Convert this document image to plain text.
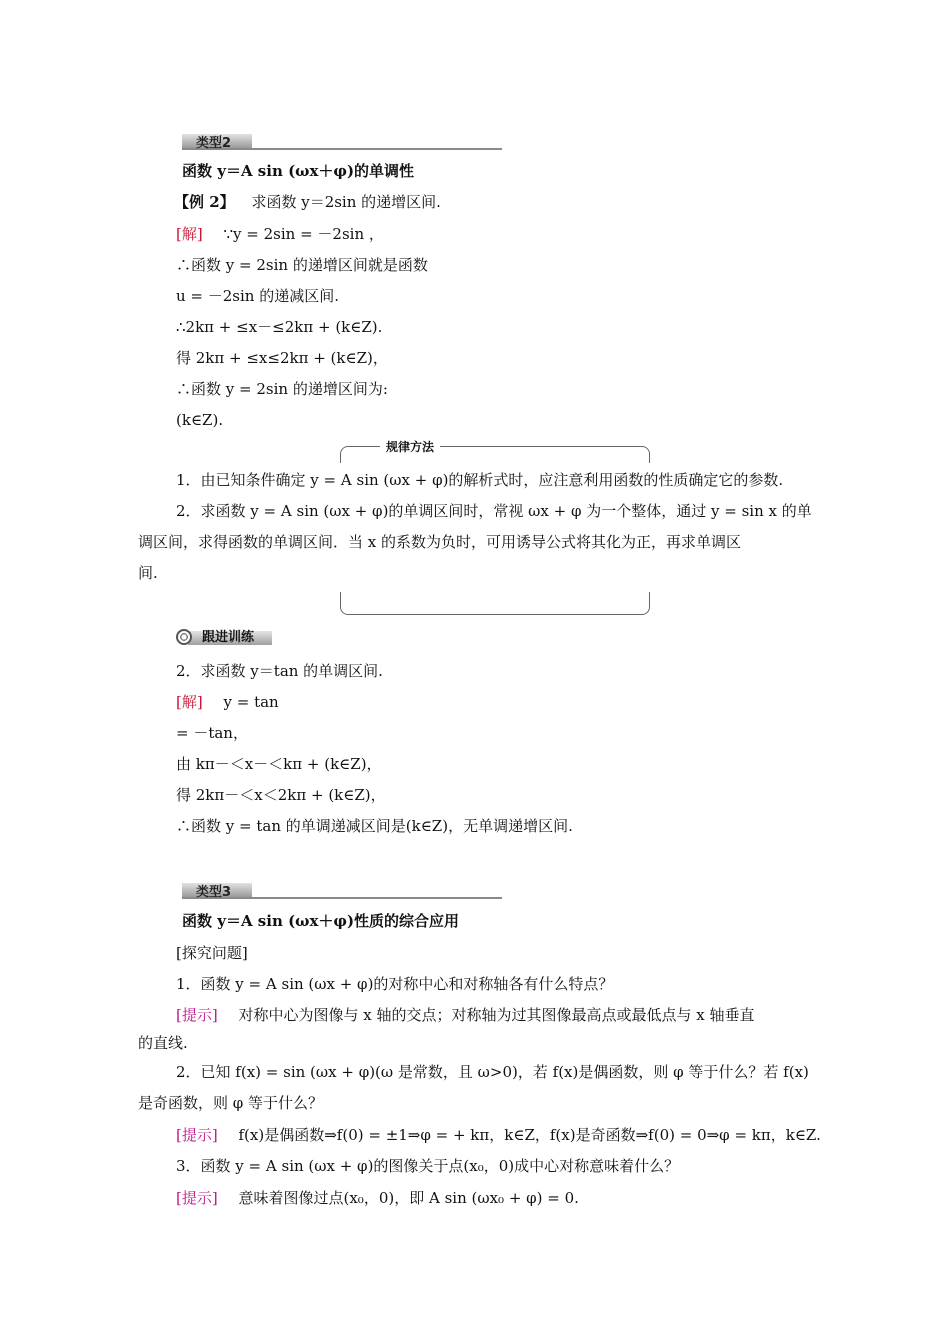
类型2
函数 y＝A sin (ωx＋φ)的单调性
【例 2】 求函数 y＝2sin 的递增区间.
[解] ∵y = 2sin = －2sin ，
∴函数 y = 2sin 的递增区间就是函数
u = －2sin 的递减区间.
∴2kπ + ≤x－≤2kπ + (k∈Z).
得 2kπ + ≤x≤2kπ + (k∈Z)，
∴函数 y = 2sin 的递增区间为:
(k∈Z).
规律方法
1．由已知条件确定 y = A sin (ωx + φ)的解析式时，应注意利用函数的性质确定它的参数.
2．求函数 y = A sin (ωx + φ)的单调区间时，常视 ωx + φ 为一个整体，通过 y = sin x 的单
调区间，求得函数的单调区间．当 x 的系数为负时，可用诱导公式将其化为正，再求单调区
间.
跟进训练
2．求函数 y＝tan 的单调区间.
[解] y = tan
= －tan，
由 kπ－＜x－＜kπ + (k∈Z)，
得 2kπ－＜x＜2kπ + (k∈Z)，
∴函数 y = tan 的单调递减区间是(k∈Z)，无单调递增区间.
类型3
函数 y＝A sin (ωx＋φ)性质的综合应用
[探究问题]
1．函数 y = A sin (ωx + φ)的对称中心和对称轴各有什么特点？
[提示] 对称中心为图像与 x 轴的交点；对称轴为过其图像最高点或最低点与 x 轴垂直
的直线.
2．已知 f(x) = sin (ωx + φ)(ω 是常数，且 ω>0)，若 f(x)是偶函数，则 φ 等于什么？若 f(x)
是奇函数，则 φ 等于什么？
[提示] f(x)是偶函数⇒f(0) = ±1⇒φ = + kπ，k∈Z，f(x)是奇函数⇒f(0) = 0⇒φ = kπ，k∈Z.
3．函数 y = A sin (ωx + φ)的图像关于点(x₀，0)成中心对称意味着什么？
[提示] 意味着图像过点(x₀，0)，即 A sin (ωx₀ + φ) = 0.
